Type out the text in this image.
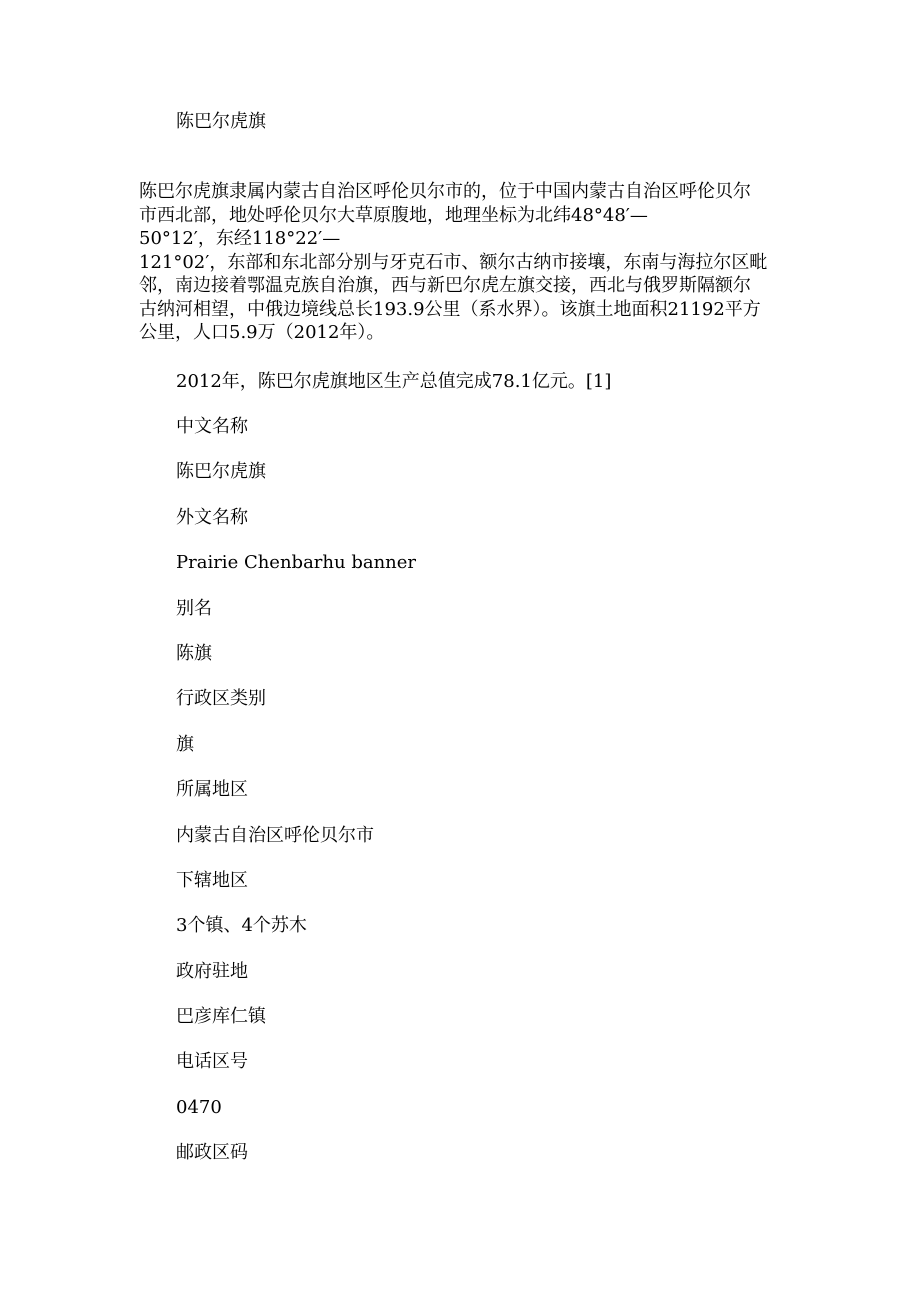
陈巴尔虎旗
陈巴尔虎旗隶属内蒙古自治区呼伦贝尔市的，位于中国内蒙古自治区呼伦贝尔
市西北部，地处呼伦贝尔大草原腹地，地理坐标为北纬48°48′—
50°12′，东经118°22′—
121°02′，东部和东北部分别与牙克石市、额尔古纳市接壤，东南与海拉尔区毗
邻，南边接着鄂温克族自治旗，西与新巴尔虎左旗交接，西北与俄罗斯隔额尔
古纳河相望，中俄边境线总长193.9公里（系水界）。该旗土地面积21192平方
公里，人口5.9万（2012年）。
2012年，陈巴尔虎旗地区生产总值完成78.1亿元。[1]
中文名称
陈巴尔虎旗
外文名称
Prairie Chenbarhu banner
别名
陈旗
行政区类别
旗
所属地区
内蒙古自治区呼伦贝尔市
下辖地区
3个镇、4个苏木
政府驻地
巴彦库仁镇
电话区号
0470
邮政区码
